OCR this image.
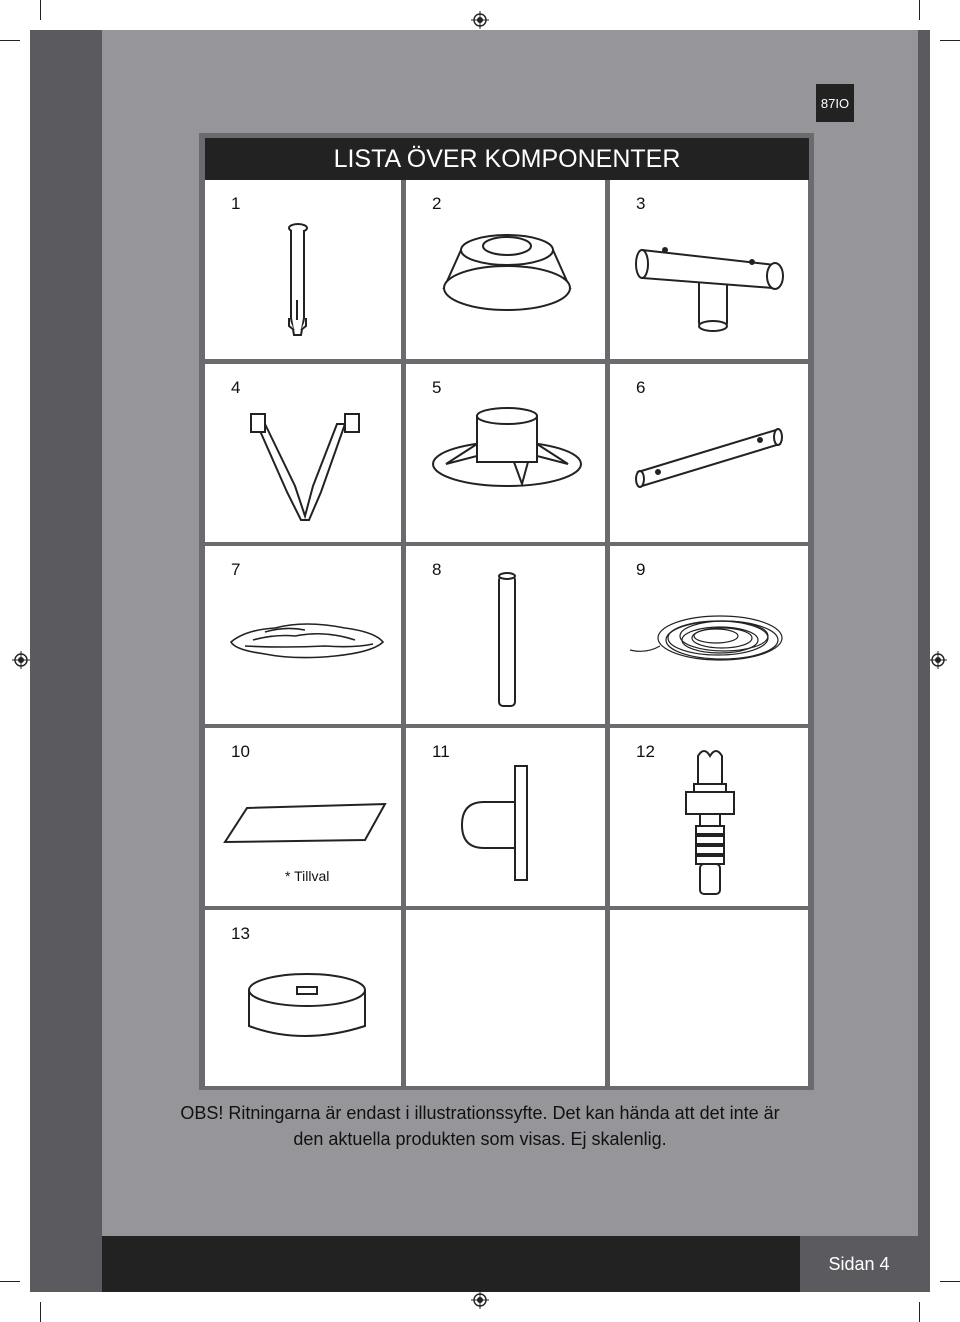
87IO
LISTA ÖVER KOMPONENTER
1	2	3
4	5	6
7	8	9
10
* Tillval
11	12
13
OBS! Ritningarna är endast i illustrationssyfte. Det kan hända att det inte är
den aktuella produkten som visas. Ej skalenlig.
Sidan 4
